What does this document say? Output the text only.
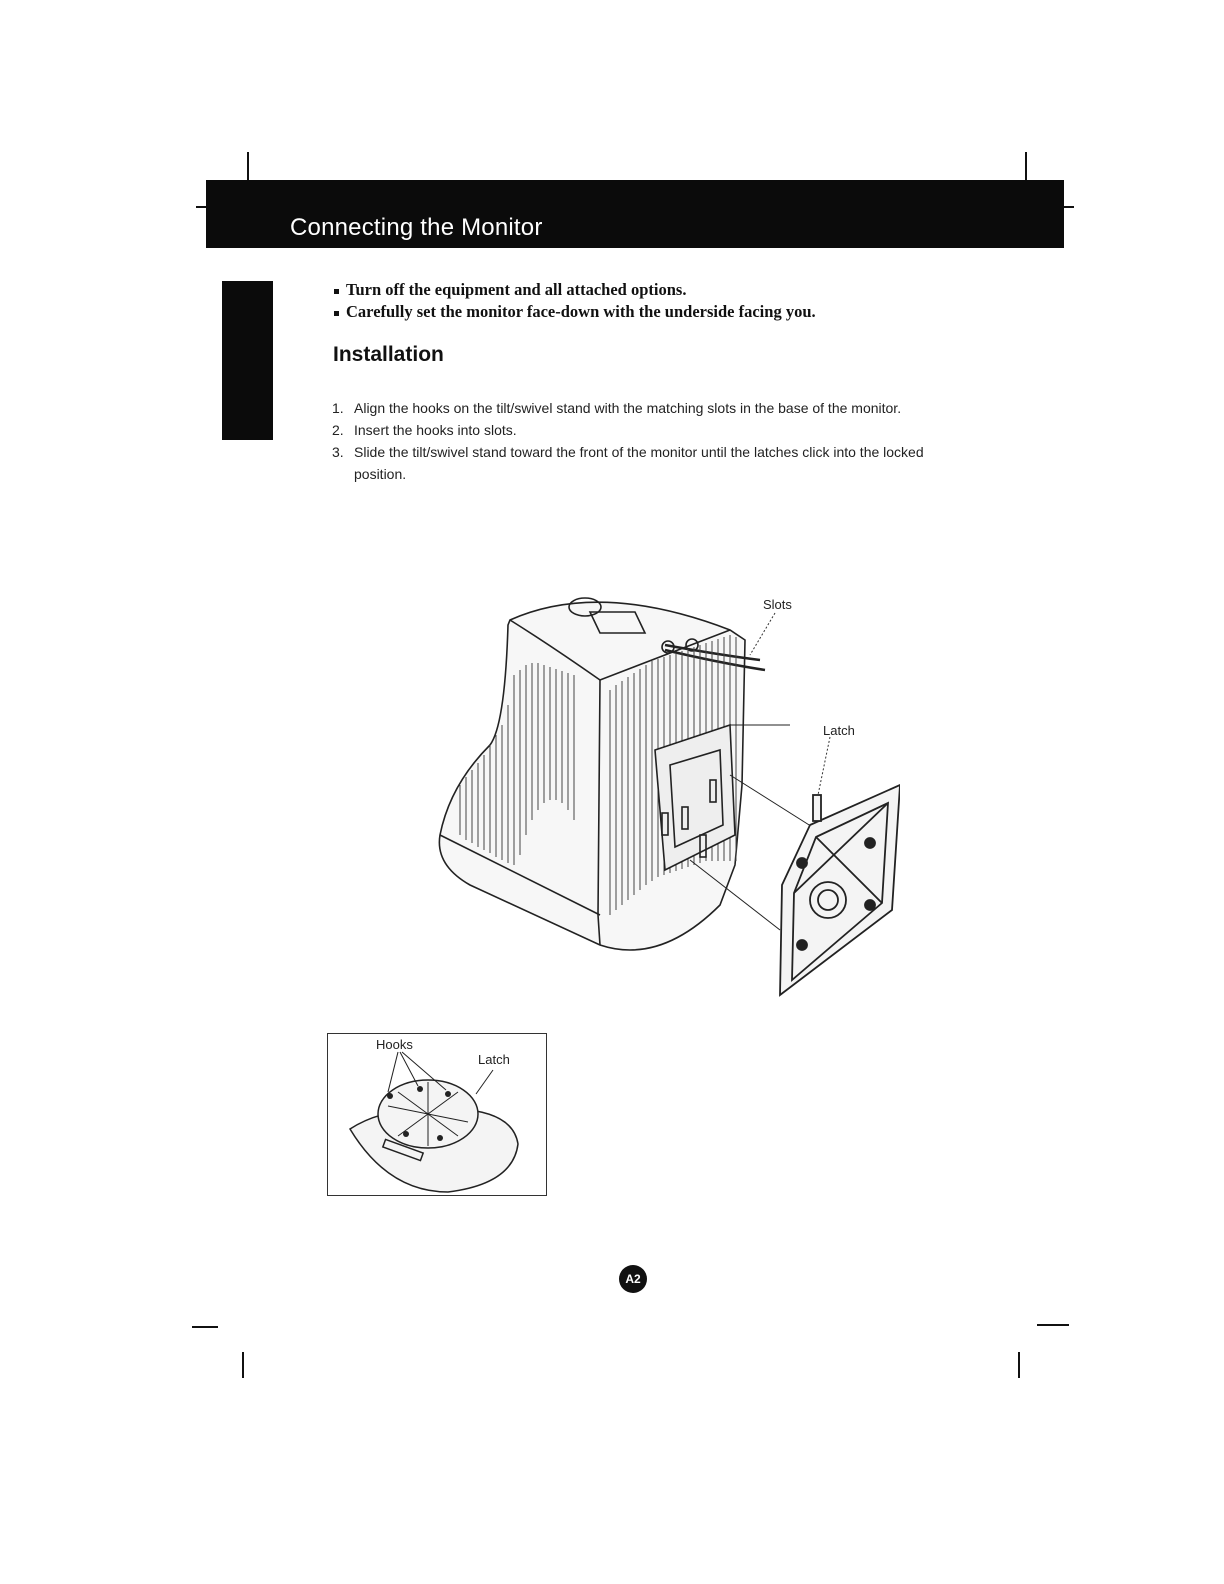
Connecting the Monitor
Turn off the equipment and all attached options.
Carefully set the monitor face-down with the underside facing you.
Installation
1. Align the hooks on the tilt/swivel stand with the matching slots in the base of the monitor.
2. Insert the hooks into slots.
3. Slide the tilt/swivel stand toward the front of the monitor until the latches click into the locked position.
Slots
Latch
Hooks
Latch
A2
